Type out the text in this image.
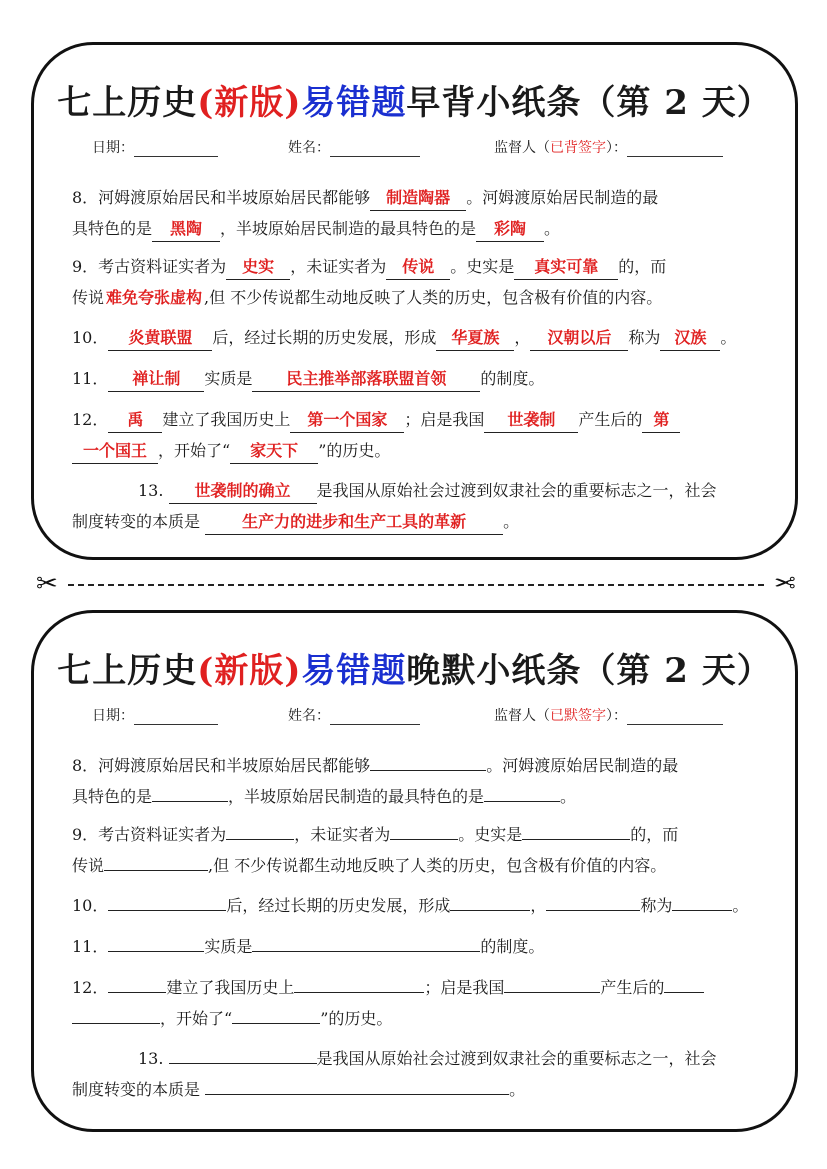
七上历史(新版)易错题早背小纸条（第 2 天）
日期：	姓名：	监督人（已背签字）：
8．河姆渡原始居民和半坡原始居民都能够 制造陶器 。河姆渡原始居民制造的最
具特色的是 黑陶 ，半坡原始居民制造的最具特色的是 彩陶 。
9．考古资料证实者为 史实 ，未证实者为 传说 。史实是 真实可靠 的，而
传说 难免夸张虚构 ,但 不少传说都生动地反映了人类的历史，包含极有价值的内容。
10． 炎黄联盟 后，经过长期的历史发展，形成 华夏族 ， 汉朝以后 称为 汉族 。
11． 禅让制 实质是 民主推举部落联盟首领 的制度。
12． 禹 建立了我国历史上 第一个国家 ；启是我国 世袭制 产生后的 第
一个国王 ，开始了“ 家天下 ”的历史。
13. 世袭制的确立 是我国从原始社会过渡到奴隶社会的重要标志之一，社会
制度转变的本质是	生产力的进步和生产工具的革新 。
✂	✂
七上历史(新版)易错题晚默小纸条（第 2 天）
日期：	姓名：	监督人（已默签字）：
8．河姆渡原始居民和半坡原始居民都能够	。河姆渡原始居民制造的最
具特色的是	，半坡原始居民制造的最具特色的是	。
9．考古资料证实者为	，未证实者为	。史实是	的，而
传说	,但 不少传说都生动地反映了人类的历史，包含极有价值的内容。
10．	后，经过长期的历史发展，形成	，	称为	。
11．	实质是	的制度。
12．	建立了我国历史上	；启是我国	产生后的
，开始了“	”的历史。
13.	是我国从原始社会过渡到奴隶社会的重要标志之一，社会
制度转变的本质是	。
